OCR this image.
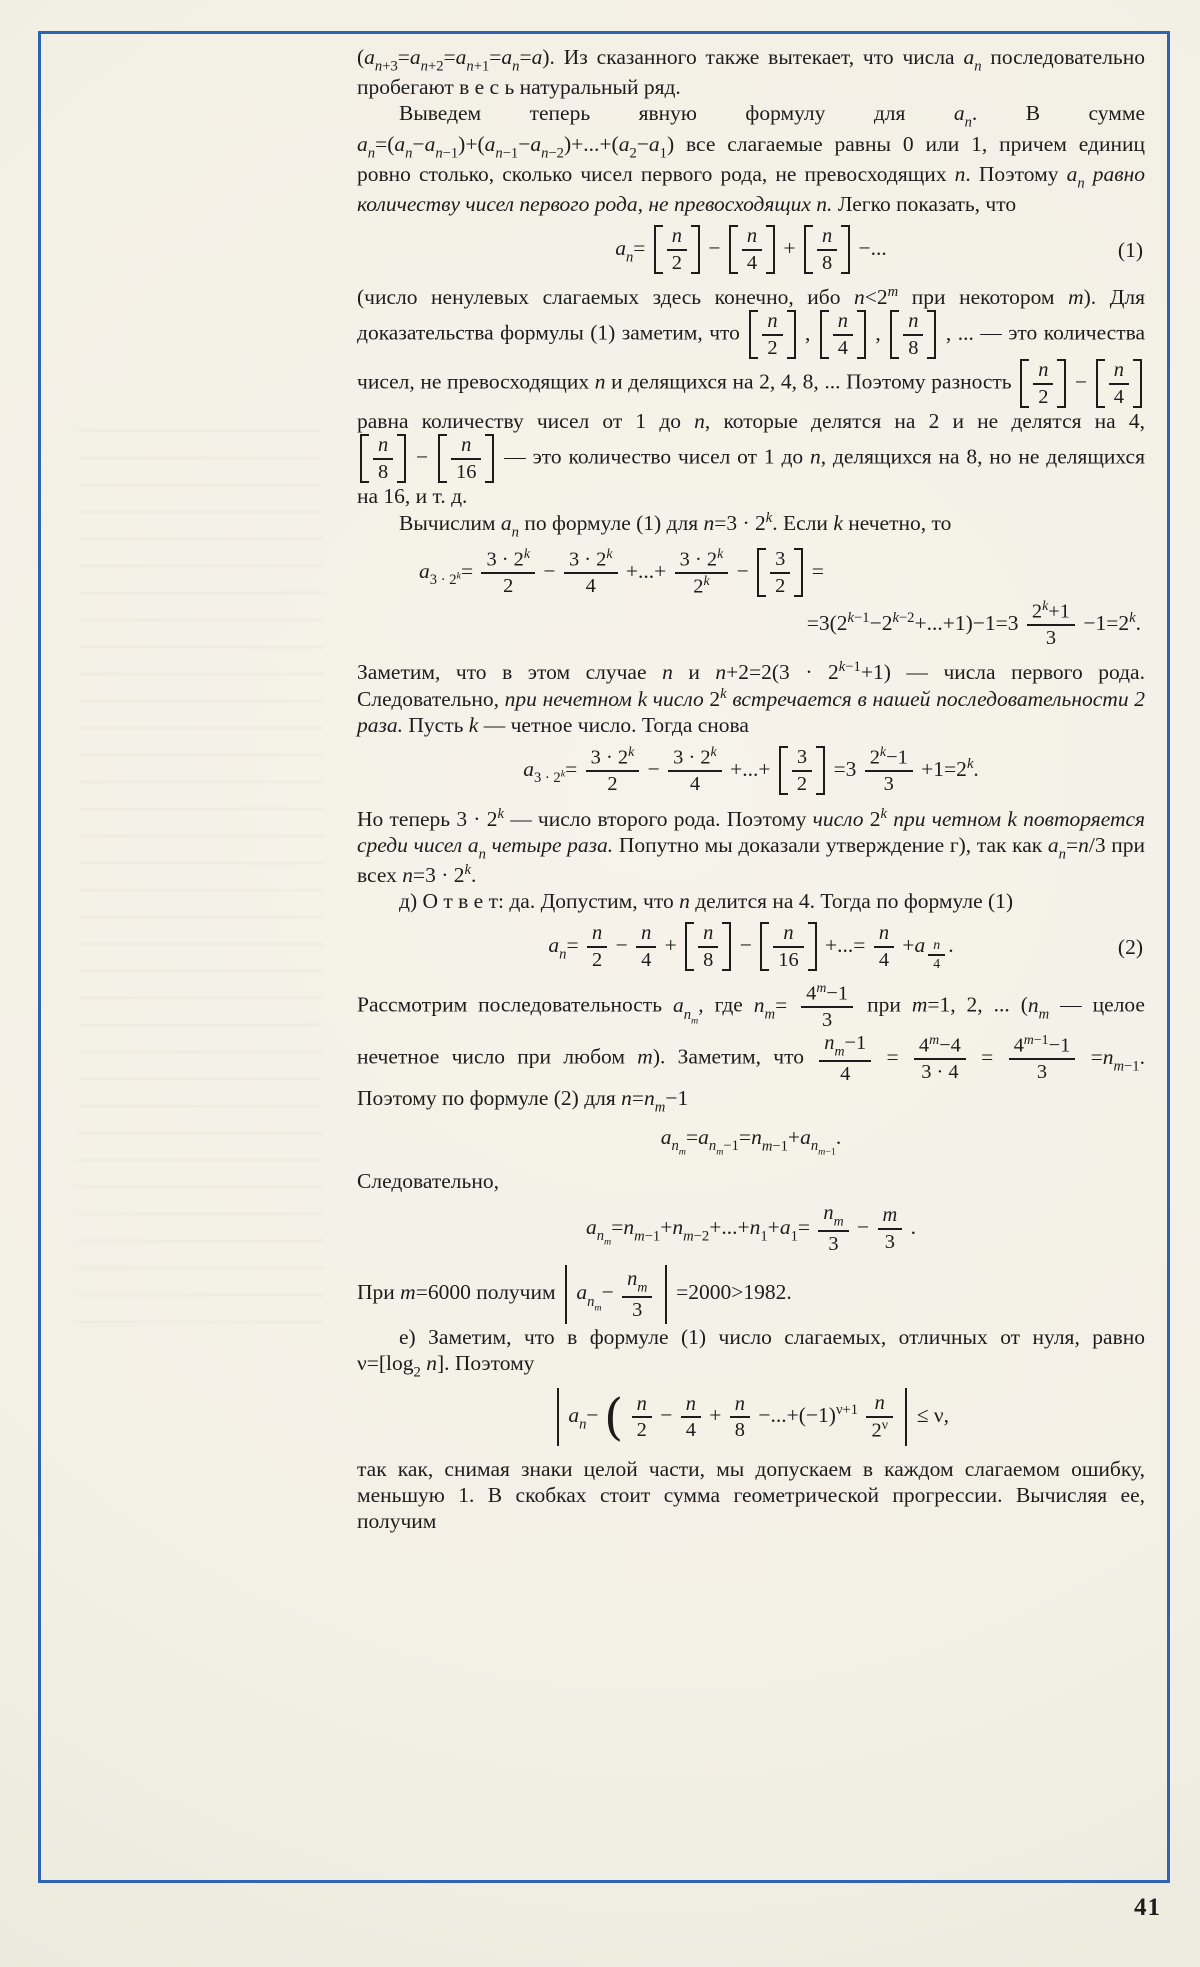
$(a_{n+3}=a_{n+2}=a_{n+1}=a_n=a)$. Из сказанного также вытекает, что числа $a_n$ последовательно пробегают в е с ь натуральный ряд.

Выведем теперь явную формулу для $a_n$. В сумме $a_n=(a_n-a_{n-1})+(a_{n-1}-a_{n-2})+...+(a_2-a_1)$ все слагаемые равны 0 или 1, причем единиц ровно столько, сколько чисел первого рода, не превосходящих n. Поэтому $a_n$ равно количеству чисел первого рода, не превосходящих n. Легко показать, что

$a_n= \frac{n}{2} - \frac{n}{4} + \frac{n}{8}$ −...	(1)

(число ненулевых слагаемых здесь конечно, ибо $n<2^m$ при некотором m). Для доказательства формулы (1) заметим, что $\frac{n}{2}$ , $\frac{n}{4}$ , $\frac{n}{8}$ , ... — это количества чисел, не превосходящих n и делящихся на 2, 4, 8, ... Поэтому разность $\frac{n}{2} - \frac{n}{4}$
равна количеству чисел от 1 до n, которые делятся на 2 и не делятся на 4,
$\frac{n}{8} - \frac{n}{16}$ — это количество чисел от 1 до n, делящихся на 8, но не делящихся на 16, и т. д.

Вычислим $a_n$ по формуле (1) для $n=3 \cdot 2^k$. Если k нечетно, то

$a_{3 \cdot 2^k}= \frac{3 \cdot 2^k}{2} - \frac{3 \cdot 2^k}{4}$ +...+ $\frac{3 \cdot 2^k}{2^k} - \frac{3}{2}$ =
$=3(2^{k-1}-2^{k-2}+...+1)-1=3 \frac{2^k+1}{3} -1=2^k$.

Заметим, что в этом случае n и $n+2=2(3 \cdot 2^{k-1}+1)$ — числа первого рода. Следовательно, при нечетном k число 2$^k$ встречается в нашей последовательности 2 раза. Пусть k — четное число. Тогда снова

$a_{3 \cdot 2^k}= \frac{3 \cdot 2^k}{2} - \frac{3 \cdot 2^k}{4}$ +...+ $\frac{3}{2} =3 \frac{2^k-1}{3} +1=2^k$.

Но теперь $3 \cdot 2^k$ — число второго рода. Поэтому число 2$^k$ при четном k повторяется среди чисел $a_n$ четыре раза. Попутно мы доказали утверждение г), так как $a_n=n/3$ при всех $n=3 \cdot 2^k$.

д) О т в е т: да. Допустим, что n делится на 4. Тогда по формуле (1)

$a_n= \frac{n}{2} - \frac{n}{4} + \frac{n}{8} - \frac{n}{16}$ +...= $\frac{n}{4} +a$ $_{\frac{n}{4}}$ .	(2)

Рассмотрим последовательность $a_{n_m}$, где $n_m= \frac{4^m-1}{3}$ при m=1, 2, ... ($n_m$ — целое нечетное число при любом m). Заметим, что $\frac{n_m-1}{4} = \frac{4^m-4}{3 \cdot 4} = \frac{4^{m-1}-1}{3} =n_{m-1}$. Поэтому по формуле (2) для $n=n_m-1$

$a_{n_m}=a_{n_m-1}=n_{m-1}+a_{n_{m-1}}$.

Следовательно,

$a_{n_m}=n_{m-1}+n_{m-2}+...+n_1+a_1= \frac{n_m}{3} - \frac{m}{3}$ .

При m=6000 получим  $a_{n_m}- \frac{n_m}{3} =2000>1982$.

е) Заметим, что в формуле (1) число слагаемых, отличных от нуля, равно $\nu=[\log_2$ n]. Поэтому

$a_n-$ ( $\frac{n}{2} - \frac{n}{4} + \frac{n}{8} -...+(-1)^{\nu+1} \frac{n}{2^\nu} \le \nu$,

так как, снимая знаки целой части, мы допускаем в каждом слагаемом ошибку, меньшую 1. В скобках стоит сумма геометрической прогрессии. Вычисляя ее, получим

41
